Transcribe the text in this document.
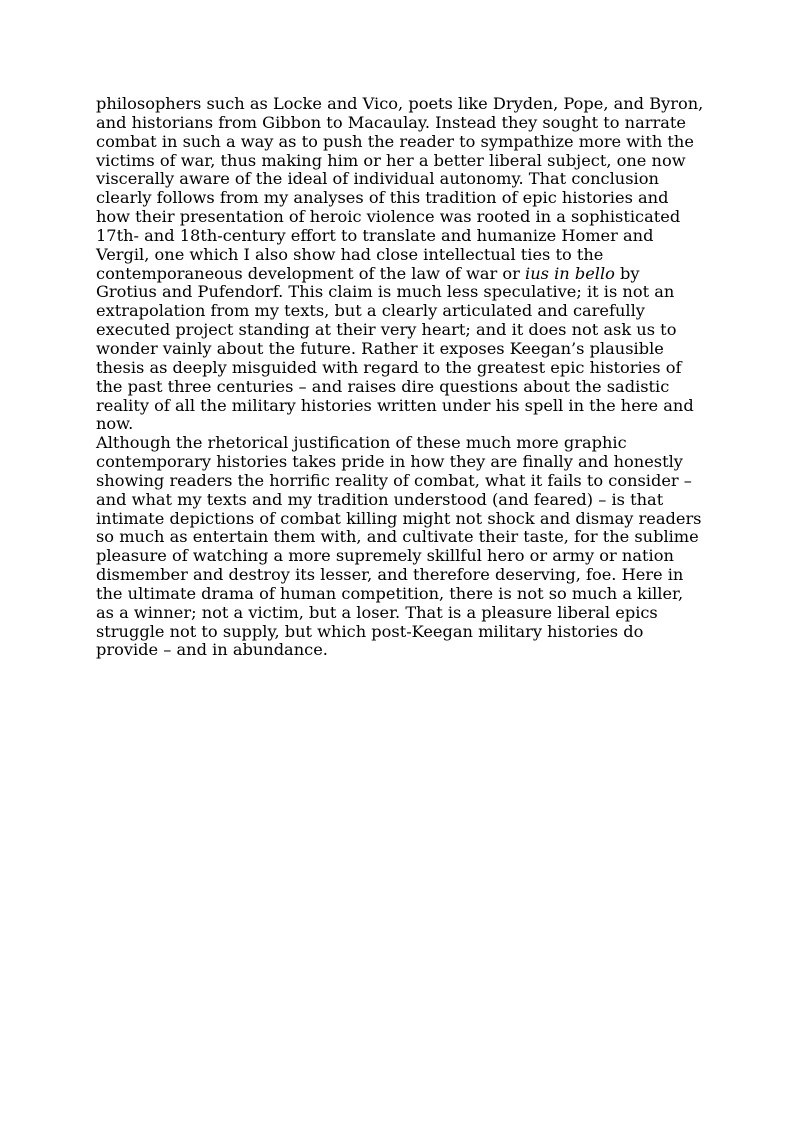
philosophers such as Locke and Vico, poets like Dryden, Pope, and Byron,
and historians from Gibbon to Macaulay. Instead they sought to narrate
combat in such a way as to push the reader to sympathize more with the
victims of war, thus making him or her a better liberal subject, one now
viscerally aware of the ideal of individual autonomy. That conclusion
clearly follows from my analyses of this tradition of epic histories and
how their presentation of heroic violence was rooted in a sophisticated
17th- and 18th-century effort to translate and humanize Homer and
Vergil, one which I also show had close intellectual ties to the
contemporaneous development of the law of war or ius in bello by
Grotius and Pufendorf. This claim is much less speculative; it is not an
extrapolation from my texts, but a clearly articulated and carefully
executed project standing at their very heart; and it does not ask us to
wonder vainly about the future. Rather it exposes Keegan’s plausible
thesis as deeply misguided with regard to the greatest epic histories of
the past three centuries – and raises dire questions about the sadistic
reality of all the military histories written under his spell in the here and
now.

Although the rhetorical justification of these much more graphic
contemporary histories takes pride in how they are finally and honestly
showing readers the horrific reality of combat, what it fails to consider –
and what my texts and my tradition understood (and feared) – is that
intimate depictions of combat killing might not shock and dismay readers
so much as entertain them with, and cultivate their taste, for the sublime
pleasure of watching a more supremely skillful hero or army or nation
dismember and destroy its lesser, and therefore deserving, foe. Here in
the ultimate drama of human competition, there is not so much a killer,
as a winner; not a victim, but a loser. That is a pleasure liberal epics
struggle not to supply, but which post-Keegan military histories do
provide – and in abundance.
